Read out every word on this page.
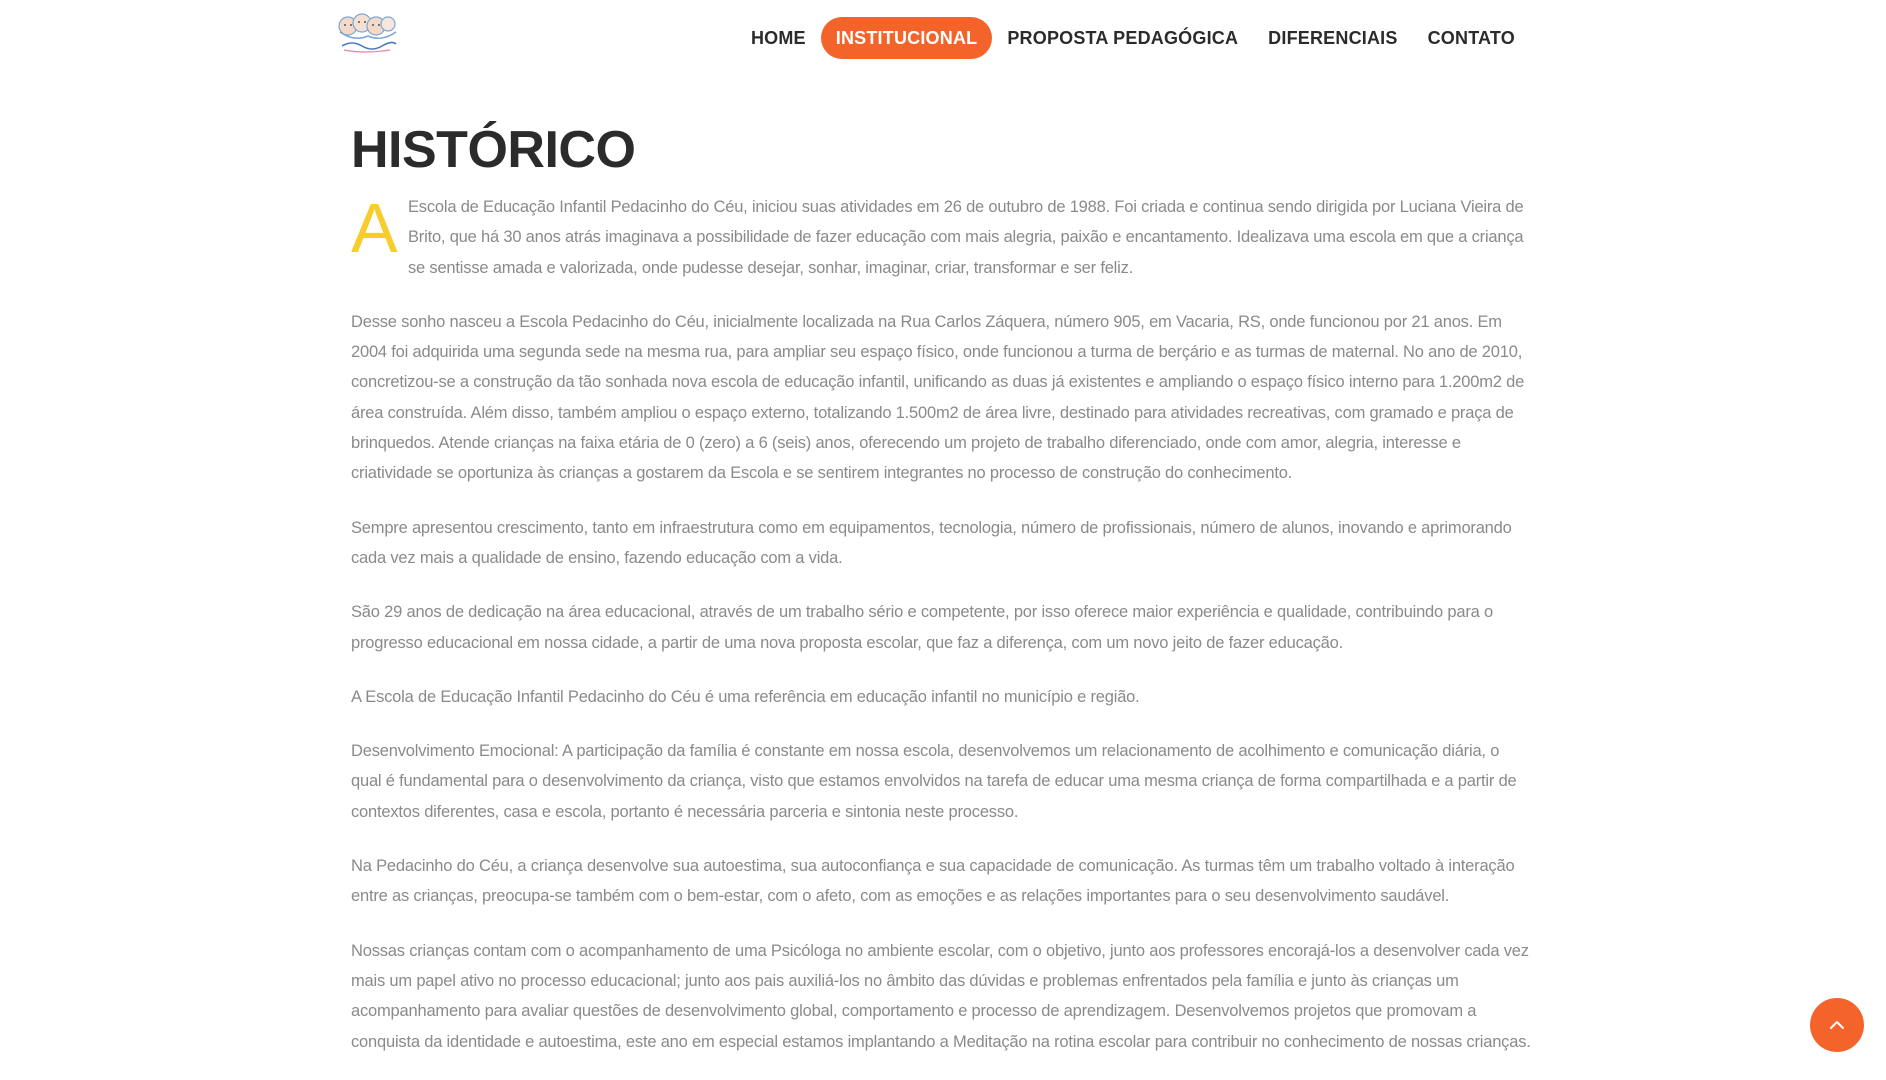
HOME	INSTITUCIONAL	PROPOSTA PEDAGÓGICA	DIFERENCIAIS	CONTATO
HISTÓRICO
A Escola de Educação Infantil Pedacinho do Céu, iniciou suas atividades em 26 de outubro de 1988. Foi criada e continua sendo dirigida por Luciana Vieira de Brito, que há 30 anos atrás imaginava a possibilidade de fazer educação com mais alegria, paixão e encantamento. Idealizava uma escola em que a criança se sentisse amada e valorizada, onde pudesse desejar, sonhar, imaginar, criar, transformar e ser feliz.

Desse sonho nasceu a Escola Pedacinho do Céu, inicialmente localizada na Rua Carlos Záquera, número 905, em Vacaria, RS, onde funcionou por 21 anos. Em 2004 foi adquirida uma segunda sede na mesma rua, para ampliar seu espaço físico, onde funcionou a turma de berçário e as turmas de maternal. No ano de 2010, concretizou-se a construção da tão sonhada nova escola de educação infantil, unificando as duas já existentes e ampliando o espaço físico interno para 1.200m2 de área construída. Além disso, também ampliou o espaço externo, totalizando 1.500m2 de área livre, destinado para atividades recreativas, com gramado e praça de brinquedos. Atende crianças na faixa etária de 0 (zero) a 6 (seis) anos, oferecendo um projeto de trabalho diferenciado, onde com amor, alegria, interesse e criatividade se oportuniza às crianças a gostarem da Escola e se sentirem integrantes no processo de construção do conhecimento.

Sempre apresentou crescimento, tanto em infraestrutura como em equipamentos, tecnologia, número de profissionais, número de alunos, inovando e aprimorando cada vez mais a qualidade de ensino, fazendo educação com a vida.

São 29 anos de dedicação na área educacional, através de um trabalho sério e competente, por isso oferece maior experiência e qualidade, contribuindo para o progresso educacional em nossa cidade, a partir de uma nova proposta escolar, que faz a diferença, com um novo jeito de fazer educação.

A Escola de Educação Infantil Pedacinho do Céu é uma referência em educação infantil no município e região.

Desenvolvimento Emocional: A participação da família é constante em nossa escola, desenvolvemos um relacionamento de acolhimento e comunicação diária, o qual é fundamental para o desenvolvimento da criança, visto que estamos envolvidos na tarefa de educar uma mesma criança de forma compartilhada e a partir de contextos diferentes, casa e escola, portanto é necessária parceria e sintonia neste processo.

Na Pedacinho do Céu, a criança desenvolve sua autoestima, sua autoconfiança e sua capacidade de comunicação. As turmas têm um trabalho voltado à interação entre as crianças, preocupa-se também com o bem-estar, com o afeto, com as emoções e as relações importantes para o seu desenvolvimento saudável.

Nossas crianças contam com o acompanhamento de uma Psicóloga no ambiente escolar, com o objetivo, junto aos professores encorajá-los a desenvolver cada vez mais um papel ativo no processo educacional; junto aos pais auxiliá-los no âmbito das dúvidas e problemas enfrentados pela família e junto às crianças um acompanhamento para avaliar questões de desenvolvimento global, comportamento e processo de aprendizagem. Desenvolvemos projetos que promovam a conquista da identidade e autoestima, este ano em especial estamos implantando a Meditação na rotina escolar para contribuir no conhecimento de nossas crianças.
